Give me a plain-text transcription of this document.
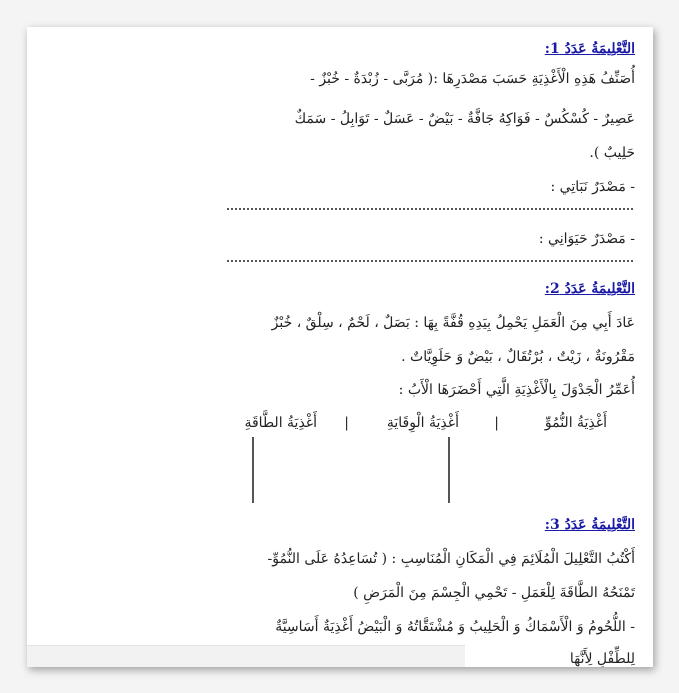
التَّعْلِيمَةُ عَدَدُ 1:
أُصَنِّفُ هَذِهِ الْأَغْذِيَةِ حَسَبَ مَصْدَرِهَا :( مُرَبَّى - زُبْدَةٌ - خُبْزٌ -
عَصِيرٌ - كُسْكُسٌ - فَوَاكِهُ جَافَّةٌ - بَيْضٌ - عَسَلٌ - تَوَابِلُ - سَمَكٌ
حَلِيبٌ ).
- مَصْدَرٌ نَبَاتِي :
- مَصْدَرٌ حَيَوَانِي :
التَّعْلِيمَةُ عَدَدُ 2:
عَادَ أَبِي مِنَ الْعَمَلِ يَحْمِلُ بِيَدِهِ قُفَّةً بِهَا : بَصَلٌ ، لَحْمٌ ، سِلْقٌ ، خُبْزٌ
مَقْرُونَةٌ ، زَيْتٌ ، بُرْتُقَالٌ ، بَيْضٌ وَ حَلَوِيَّاتٌ .
أُعَمِّرُ الْجَدْوَلَ بِالْأَغْذِيَةِ الَّتِي أَحْضَرَهَا الْأَبُ :
أَغْذِيَةُ النُّمُوِّ
|
أَغْذِيَةُ الْوِقَايَةِ
|
أَغْذِيَةُ الطَّاقَةِ
التَّعْلِيمَةُ عَدَدُ 3:
أَكْتُبُ التَّعْلِيلَ الْمُلَائِمَ فِي الْمَكَانِ الْمُنَاسِبِ : ( تُسَاعِدُهُ عَلَى النُّمُوِّ-
تَمْنَحُهُ الطَّاقَةَ لِلْعَمَلِ - تَحْمِي الْجِسْمَ مِنَ الْمَرَضِ )
- اللُّحُومُ وَ الْأَسْمَاكُ وَ الْحَلِيبُ وَ مُشْتَقَّاتُهُ وَ الْبَيْضُ أَغْذِيَةٌ أَسَاسِيَّةٌ
لِلطِّفْلِ لِأَنَّهَا
